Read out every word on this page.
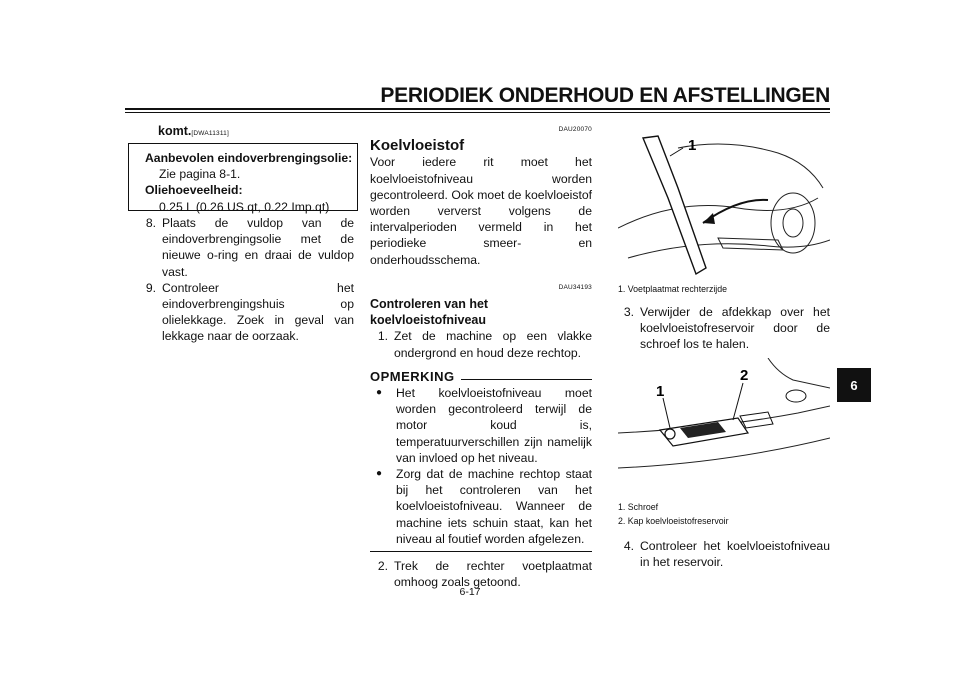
PERIODIEK ONDERHOUD EN AFSTELLINGEN
6
komt.[DWA11311]
Aanbevolen eindoverbrengingsolie:
Zie pagina 8-1.
Oliehoeveelheid:
0.25 L (0.26 US qt, 0.22 Imp.qt)
8. Plaats de vuldop van de eindoverbrengingsolie met de nieuwe o-ring en draai de vuldop vast.
9. Controleer het eindoverbrengingshuis op olielekkage. Zoek in geval van lekkage naar de oorzaak.
DAU20070
Koelvloeistof
Voor iedere rit moet het koelvloeistofniveau worden gecontroleerd. Ook moet de koelvloeistof worden ververst volgens de intervalperioden vermeld in het periodieke smeer- en onderhoudsschema.
DAU34193
Controleren van het koelvloeistofniveau
1. Zet de machine op een vlakke ondergrond en houd deze rechtop.
OPMERKING
●	Het koelvloeistofniveau moet worden gecontroleerd terwijl de motor koud is, temperatuurverschillen zijn namelijk van invloed op het niveau.
●	Zorg dat de machine rechtop staat bij het controleren van het koelvloeistofniveau. Wanneer de machine iets schuin staat, kan het niveau al foutief worden afgelezen.
2. Trek de rechter voetplaatmat omhoog zoals getoond.
1
1. Voetplaatmat rechterzijde
3. Verwijder de afdekkap over het koelvloeistofreservoir door de schroef los te halen.
1
2
1. Schroef
2. Kap koelvloeistofreservoir
4. Controleer het koelvloeistofniveau in het reservoir.
6-17
